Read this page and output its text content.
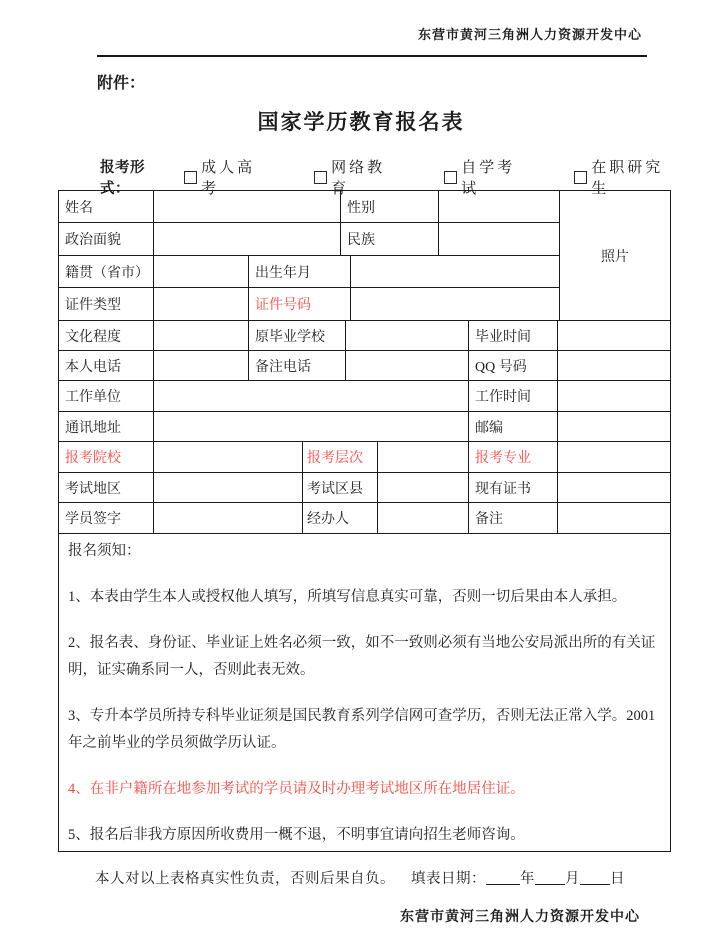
东营市黄河三角洲人力资源开发中心
附件：
国家学历教育报名表
报考形式：
成人高考
网络教育
自学考试
在职研究生
姓名	性别
照片
政治面貌	民族
籍贯（省市）	出生年月
证件类型	证件号码
文化程度	原毕业学校	毕业时间
本人电话	备注电话	QQ 号码
工作单位	工作时间
通讯地址	邮编
报考院校	报考层次	报考专业
考试地区	考试区县	现有证书
学员签字	经办人	备注

报名须知：

1、本表由学生本人或授权他人填写，所填写信息真实可靠，否则一切后果由本人承担。

2、报名表、身份证、毕业证上姓名必须一致，如不一致则必须有当地公安局派出所的有关证明，证实确系同一人，否则此表无效。

3、专升本学员所持专科毕业证须是国民教育系列学信网可查学历，否则无法正常入学。2001 年之前毕业的学员须做学历认证。

4、在非户籍所在地参加考试的学员请及时办理考试地区所在地居住证。

5、报名后非我方原因所收费用一概不退，不明事宜请向招生老师咨询。

本人对以上表格真实性负责，否则后果自负。 填表日期： 年 月 日
东营市黄河三角洲人力资源开发中心
